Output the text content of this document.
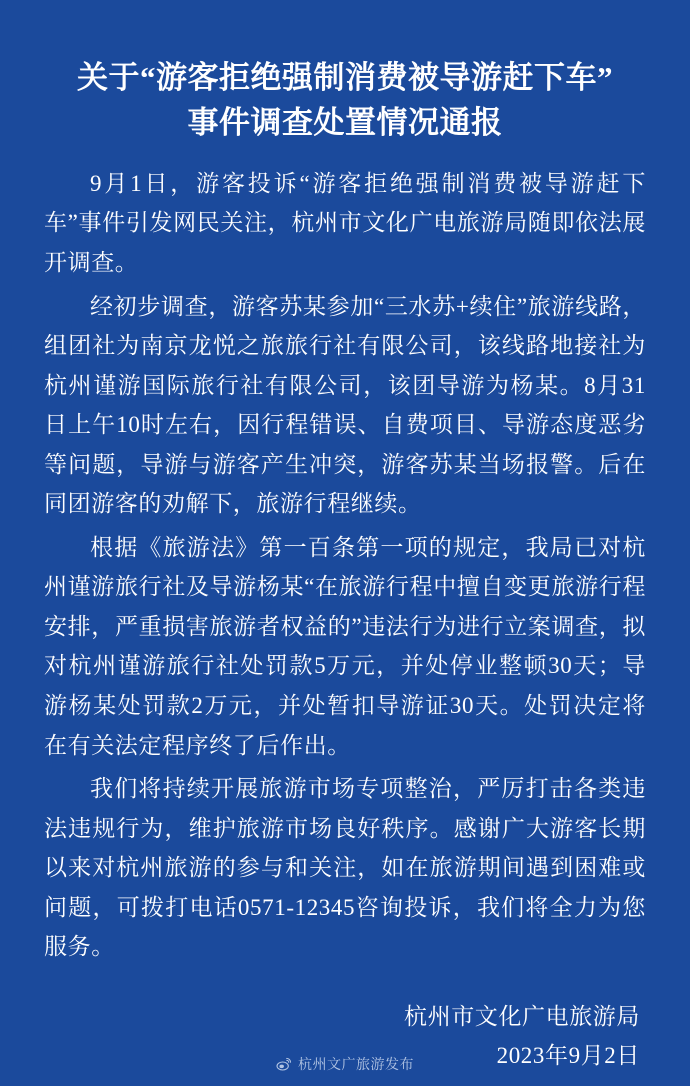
关于“游客拒绝强制消费被导游赶下车”
事件调查处置情况通报

9月1日，游客投诉“游客拒绝强制消费被导游赶下车”事件引发网民关注，杭州市文化广电旅游局随即依法展开调查。

经初步调查，游客苏某参加“三水苏+续住”旅游线路，组团社为南京龙悦之旅旅行社有限公司，该线路地接社为杭州谨游国际旅行社有限公司，该团导游为杨某。8月31日上午10时左右，因行程错误、自费项目、导游态度恶劣等问题，导游与游客产生冲突，游客苏某当场报警。后在同团游客的劝解下，旅游行程继续。

根据《旅游法》第一百条第一项的规定，我局已对杭州谨游旅行社及导游杨某“在旅游行程中擅自变更旅游行程安排，严重损害旅游者权益的”违法行为进行立案调查，拟对杭州谨游旅行社处罚款5万元，并处停业整顿30天；导游杨某处罚款2万元，并处暂扣导游证30天。处罚决定将在有关法定程序终了后作出。

我们将持续开展旅游市场专项整治，严厉打击各类违法违规行为，维护旅游市场良好秩序。感谢广大游客长期以来对杭州旅游的参与和关注，如在旅游期间遇到困难或问题，可拨打电话0571-12345咨询投诉，我们将全力为您服务。

杭州市文化广电旅游局
2023年9月2日
杭州文广旅游发布
